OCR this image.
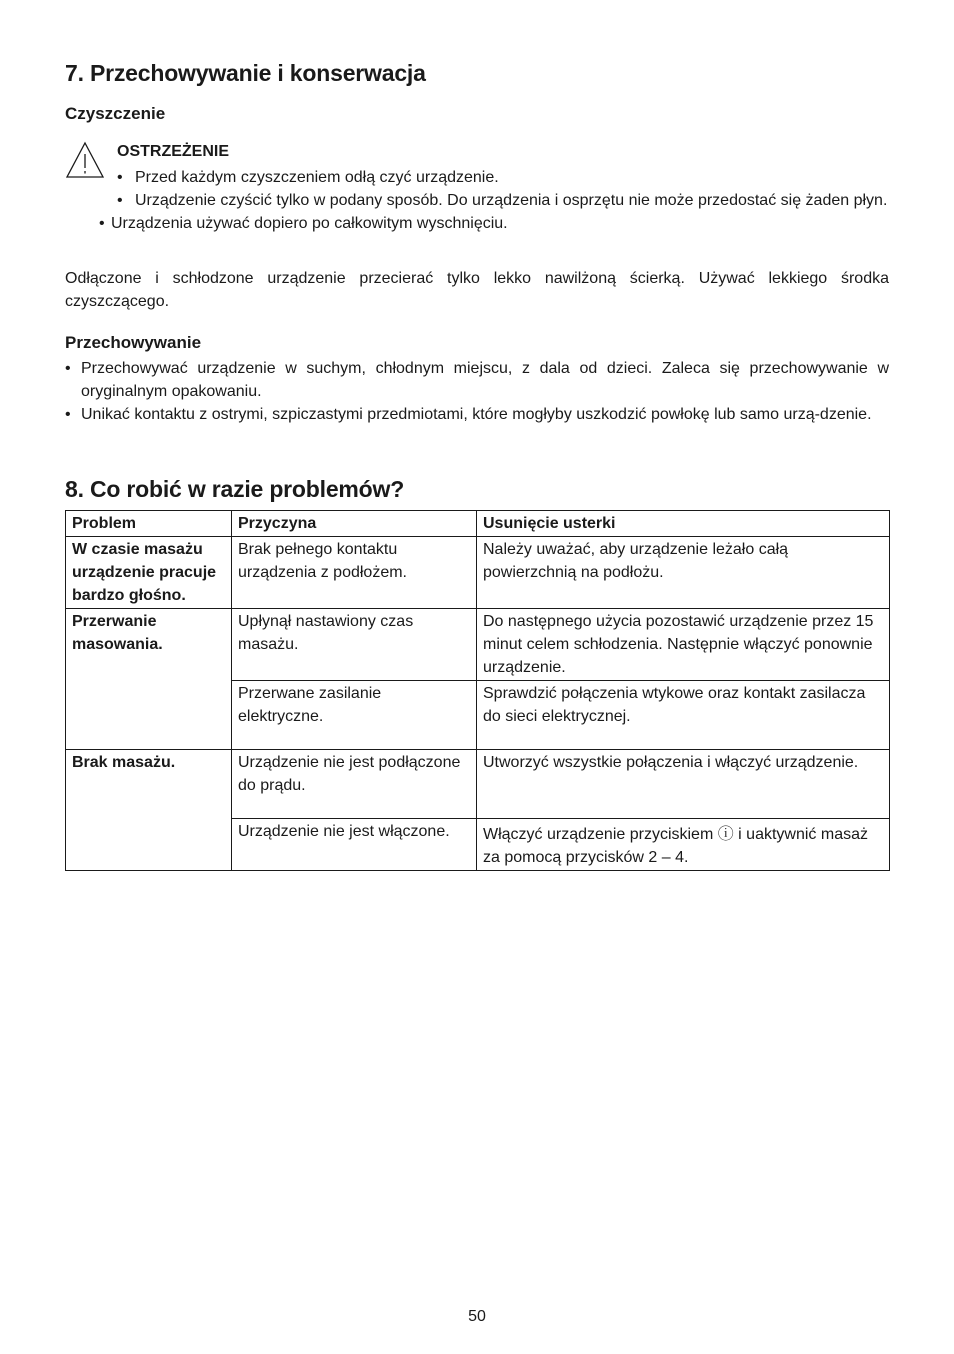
7. Przechowywanie i konserwacja
Czyszczenie
OSTRZEŻENIE
• Przed każdym czyszczeniem odłą czyć urządzenie.
• Urządzenie czyścić tylko w podany sposób. Do urządzenia i osprzętu nie może przedostać się żaden płyn.
• Urządzenia używać dopiero po całkowitym wyschnięciu.

Odłączone i schłodzone urządzenie przecierać tylko lekko nawilżoną ścierką. Używać lekkiego środka czyszczącego.

Przechowywanie
• Przechowywać urządzenie w suchym, chłodnym miejscu, z dala od dzieci. Zaleca się przechowywanie w oryginalnym opakowaniu.
• Unikać kontaktu z ostrymi, szpiczastymi przedmiotami, które mogłyby uszkodzić powłokę lub samo urzą-dzenie.
8. Co robić w razie problemów?
Problem	Przyczyna	Usunięcie usterki
W czasie masażu urządzenie pracuje bardzo głośno.	Brak pełnego kontaktu urządzenia z podłożem.	Należy uważać, aby urządzenie leżało całą powierzchnią na podłożu.
Przerwanie masowania.	Upłynął nastawiony czas masażu.	Do następnego użycia pozostawić urządzenie przez 15 minut celem schłodzenia. Następnie włączyć ponownie urządzenie.
	Przerwane zasilanie elektryczne.	Sprawdzić połączenia wtykowe oraz kontakt zasilacza do sieci elektrycznej.
Brak masażu.	Urządzenie nie jest podłączone do prądu.	Utworzyć wszystkie połączenia i włączyć urządzenie.
	Urządzenie nie jest włączone.	Włączyć urządzenie przyciskiem ⓘ i uaktywnić masaż za pomocą przycisków 2 – 4.
50
